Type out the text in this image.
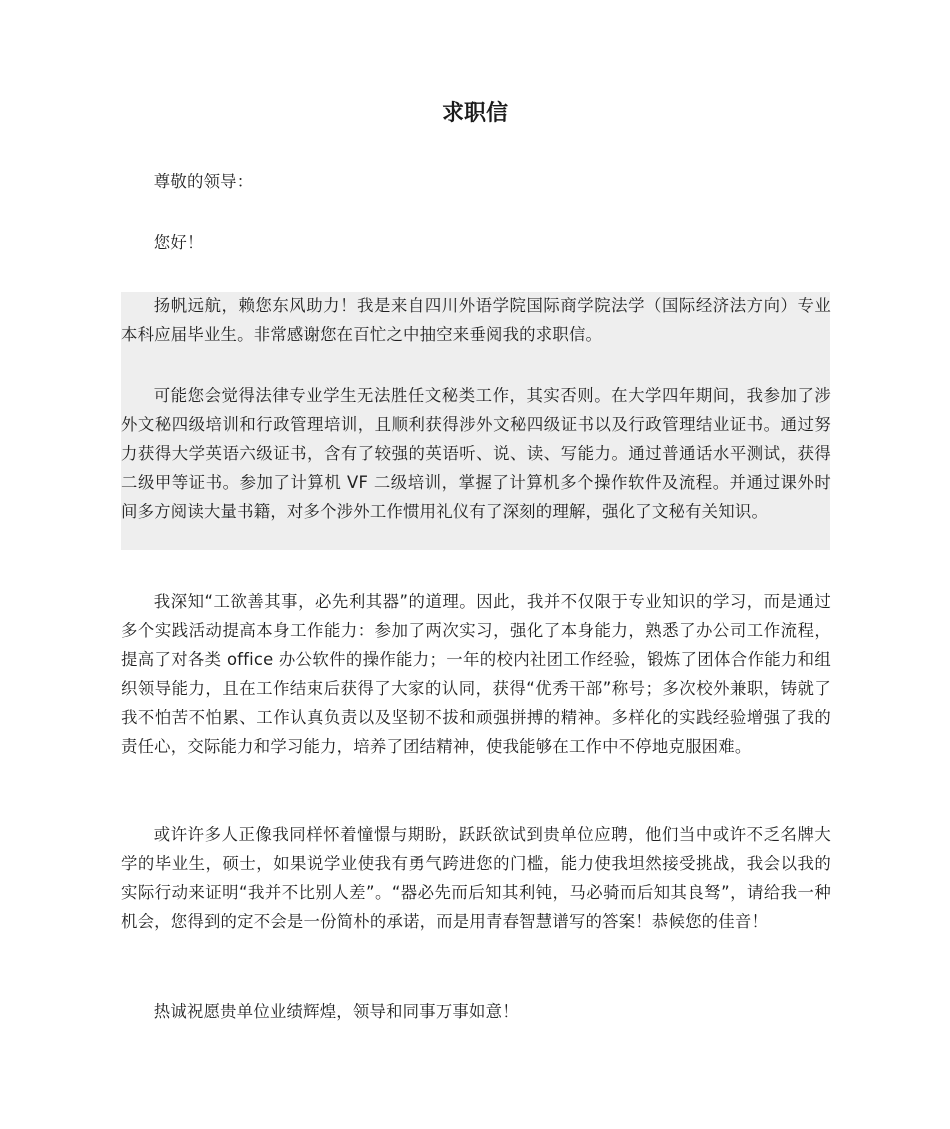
求职信

尊敬的领导：

您好！

扬帆远航，赖您东风助力！我是来自四川外语学院国际商学院法学（国际经济法方向）专业本科应届毕业生。非常感谢您在百忙之中抽空来垂阅我的求职信。

可能您会觉得法律专业学生无法胜任文秘类工作，其实否则。在大学四年期间，我参加了涉外文秘四级培训和行政管理培训，且顺利获得涉外文秘四级证书以及行政管理结业证书。通过努力获得大学英语六级证书，含有了较强的英语听、说、读、写能力。通过普通话水平测试，获得二级甲等证书。参加了计算机 VF 二级培训，掌握了计算机多个操作软件及流程。并通过课外时间多方阅读大量书籍，对多个涉外工作惯用礼仪有了深刻的理解，强化了文秘有关知识。

我深知“工欲善其事，必先利其器”的道理。因此，我并不仅限于专业知识的学习，而是通过多个实践活动提高本身工作能力：参加了两次实习，强化了本身能力，熟悉了办公司工作流程，提高了对各类 office 办公软件的操作能力；一年的校内社团工作经验，锻炼了团体合作能力和组织领导能力，且在工作结束后获得了大家的认同，获得“优秀干部”称号；多次校外兼职，铸就了我不怕苦不怕累、工作认真负责以及坚韧不拔和顽强拼搏的精神。多样化的实践经验增强了我的责任心，交际能力和学习能力，培养了团结精神，使我能够在工作中不停地克服困难。

或许许多人正像我同样怀着憧憬与期盼，跃跃欲试到贵单位应聘，他们当中或许不乏名牌大学的毕业生，硕士，如果说学业使我有勇气跨进您的门槛，能力使我坦然接受挑战，我会以我的实际行动来证明“我并不比别人差”。“器必先而后知其利钝，马必骑而后知其良驽”，请给我一种机会，您得到的定不会是一份简朴的承诺，而是用青春智慧谱写的答案！恭候您的佳音！

热诚祝愿贵单位业绩辉煌，领导和同事万事如意！
